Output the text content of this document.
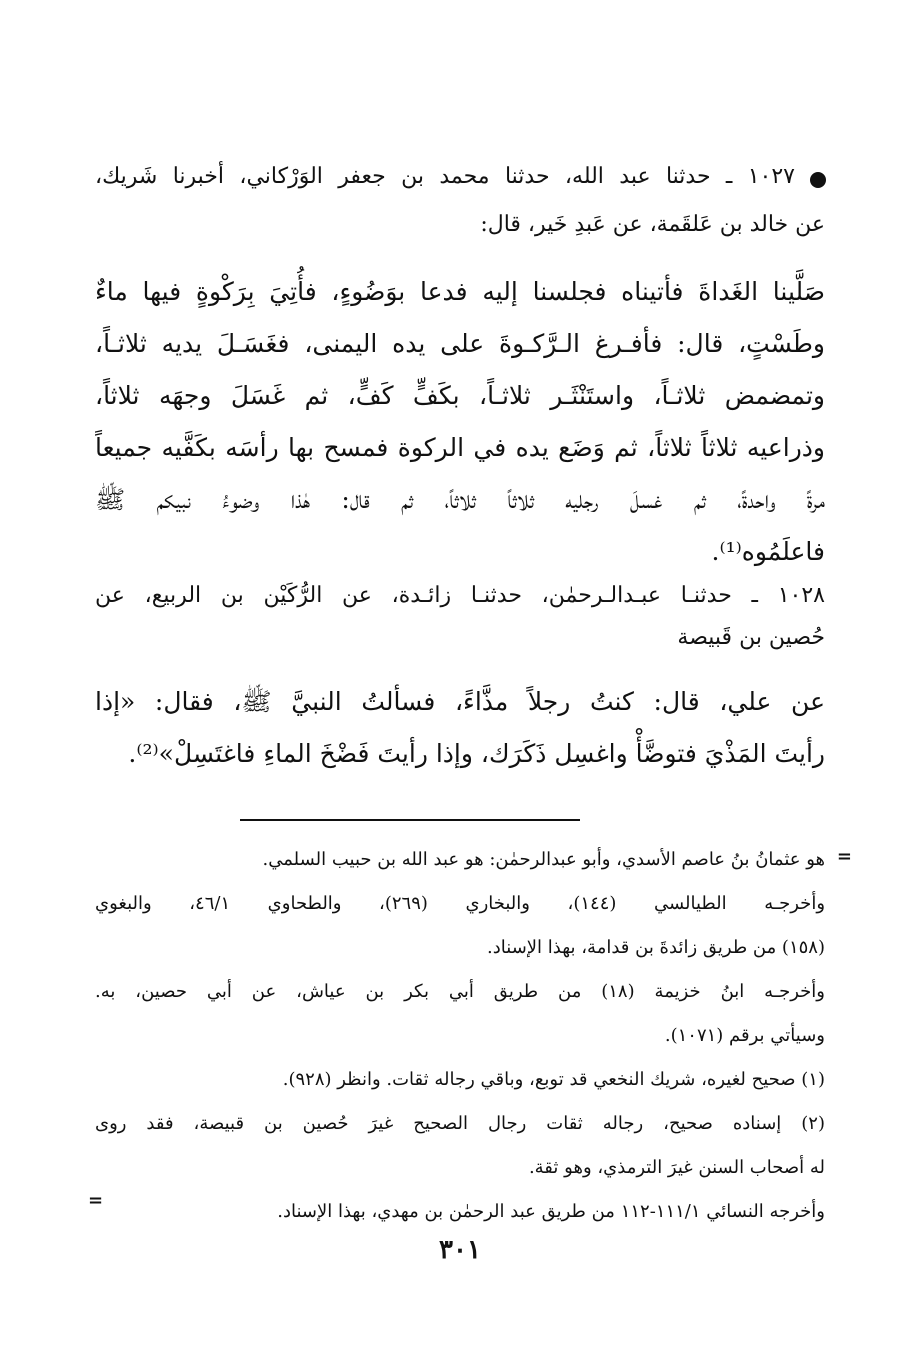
١٠٢٧ ـ حدثنا عبد الله، حدثنا محمد بن جعفر الوَرْكاني، أخبرنا شَريك،

عن خالد بن عَلقَمة، عن عَبدِ خَير، قال:

صَلَّينا الغَداةَ فأتيناه فجلسنا إليه فدعا بوَضُوءٍ، فأُتِيَ بِرَكْوةٍ فيها ماءٌ

وطَسْتٍ، قال: فأفـرغ الـرَّكـوةَ على يده اليمنى، فغَسَـلَ يديه ثلاثـاً،

وتمضمض ثلاثـاً، واستَنْثَـر ثلاثـاً، بكَفٍّ كَفٍّ، ثم غَسَلَ وجهَه ثلاثاً،

وذراعيه ثلاثاً ثلاثاً، ثم وَضَع يده في الركوة فمسح بها رأسَه بكَفَّيه جميعاً

مرةً واحدةً، ثم غسلَ رجليه ثلاثاً ثلاثاً، ثم قال: هٰذا وضوءُ نبيكم ﷺ

فاعلَمُوه⁽¹⁾.

١٠٢٨ ـ حدثنـا عبـدالـرحمٰن، حدثنـا زائـدة، عن الرُّكَيْن بن الربيع، عن

حُصين بن قَبيصة

عن علي، قال: كنتُ رجلاً مذَّاءً، فسألتُ النبيَّ ﷺ، فقال: «إذا

رأيتَ المَذْيَ فتوضَّأْ واغسِل ذَكَرَك، وإذا رأيتَ فَضْخَ الماءِ فاغتَسِلْ»⁽²⁾.

=

هو عثمانُ بنُ عاصم الأسدي، وأبو عبدالرحمٰن: هو عبد الله بن حبيب السلمي.

وأخرجـه الطيالسي (١٤٤)، والبخاري (٢٦٩)، والطحاوي ٤٦/١، والبغوي

(١٥٨) من طريق زائدةَ بن قدامة، بهذا الإسناد.

وأخرجـه ابنُ خزيمة (١٨) من طريق أبي بكر بن عياش، عن أبي حصين، به.

وسيأتي برقم (١٠٧١).

(١) صحيح لغيره، شريك النخعي قد توبع، وباقي رجاله ثقات. وانظر (٩٢٨).

(٢) إسناده صحيح، رجاله ثقات رجال الصحيح غيرَ حُصين بن قبيصة، فقد روى

له أصحاب السنن غيرَ الترمذي، وهو ثقة.

وأخرجه النسائي ١١١/١-١١٢ من طريق عبد الرحمٰن بن مهدي، بهذا الإسناد.

=
٣٠١
